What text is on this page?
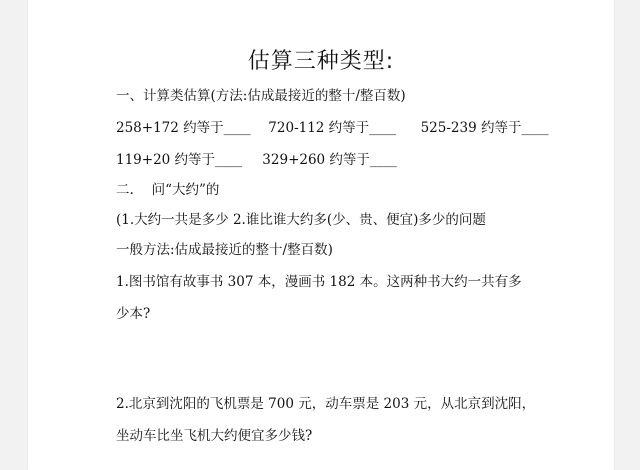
估算三种类型:
一、计算类估算(方法:估成最接近的整十/整百数)
258+172 约等于____ 720-112 约等于____ 525-239 约等于____
119+20 约等于____ 329+260 约等于____
二.　 问“大约”的
(1.大约一共是多少 2.谁比谁大约多(少、贵、便宜)多少的问题
一般方法:估成最接近的整十/整百数)
1.图书馆有故事书 307 本，漫画书 182 本。这两种书大约一共有多
少本?
2.北京到沈阳的飞机票是 700 元，动车票是 203 元，从北京到沈阳，
坐动车比坐飞机大约便宜多少钱?
